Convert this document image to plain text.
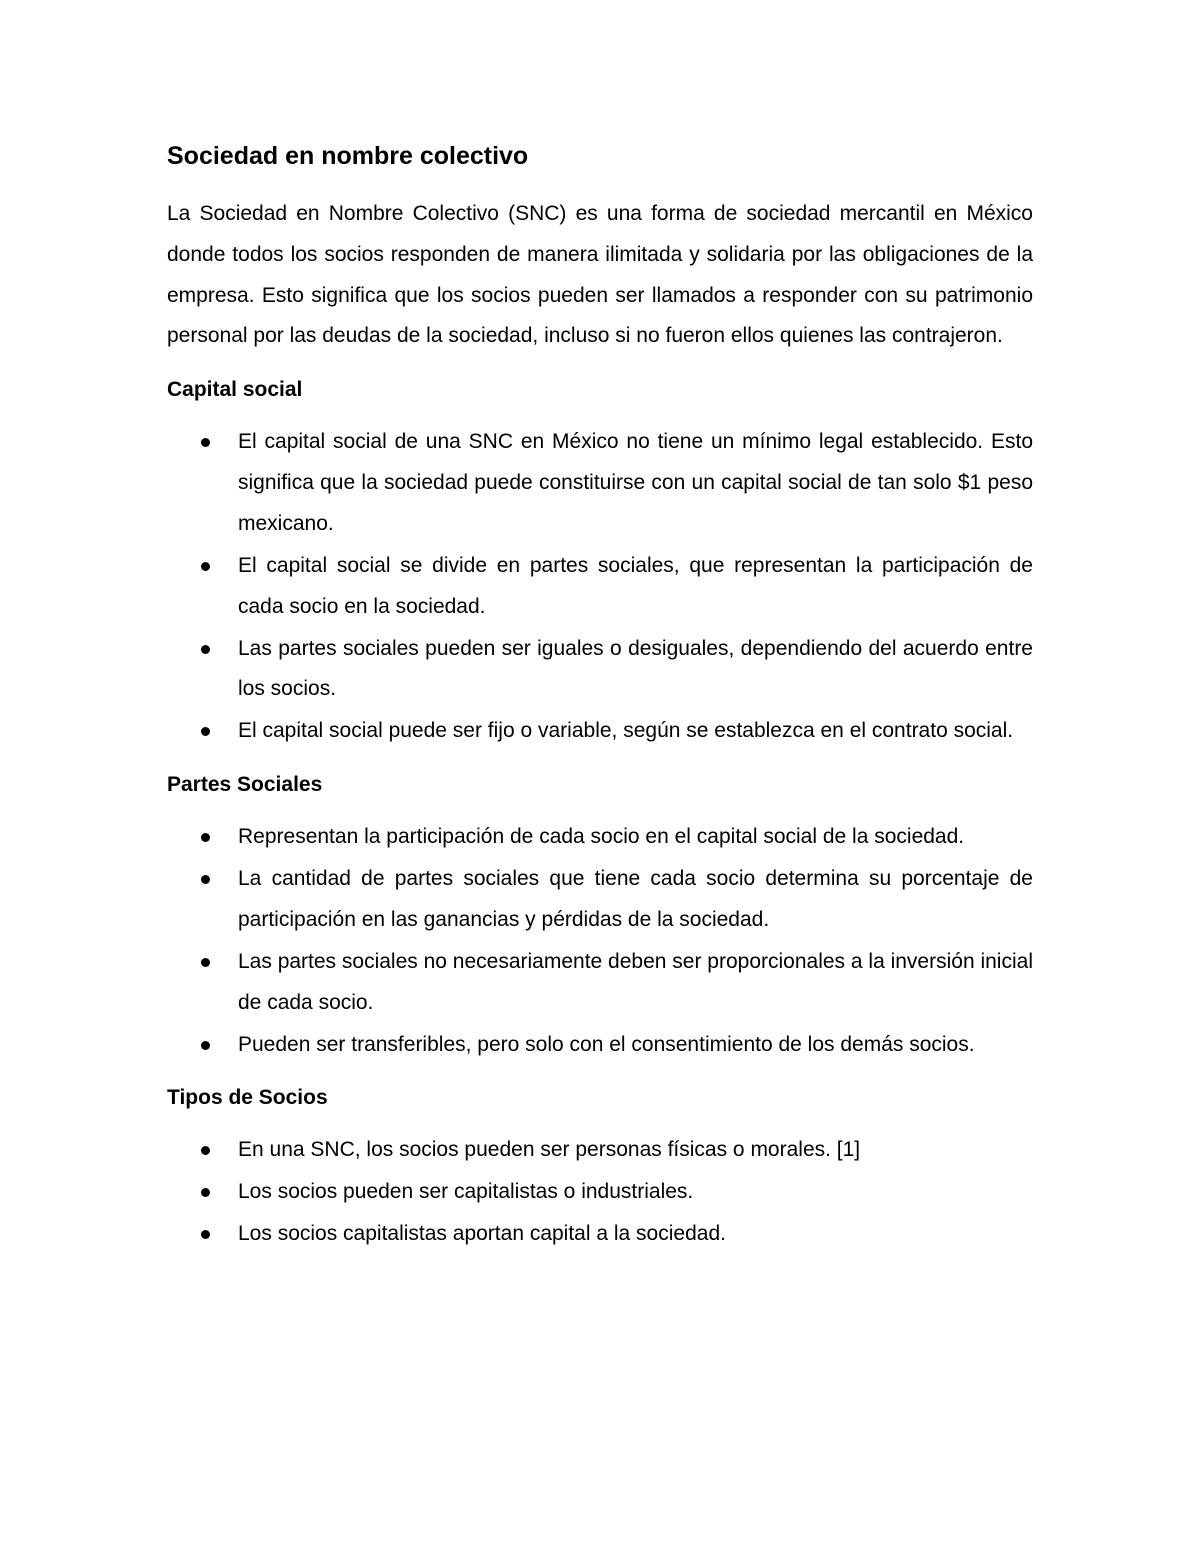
Sociedad en nombre colectivo

La Sociedad en Nombre Colectivo (SNC) es una forma de sociedad mercantil en México donde todos los socios responden de manera ilimitada y solidaria por las obligaciones de la empresa. Esto significa que los socios pueden ser llamados a responder con su patrimonio personal por las deudas de la sociedad, incluso si no fueron ellos quienes las contrajeron.

Capital social
El capital social de una SNC en México no tiene un mínimo legal establecido. Esto significa que la sociedad puede constituirse con un capital social de tan solo $1 peso mexicano.
El capital social se divide en partes sociales, que representan la participación de cada socio en la sociedad.
Las partes sociales pueden ser iguales o desiguales, dependiendo del acuerdo entre los socios.
El capital social puede ser fijo o variable, según se establezca en el contrato social.
Partes Sociales
Representan la participación de cada socio en el capital social de la sociedad.
La cantidad de partes sociales que tiene cada socio determina su porcentaje de participación en las ganancias y pérdidas de la sociedad.
Las partes sociales no necesariamente deben ser proporcionales a la inversión inicial de cada socio.
Pueden ser transferibles, pero solo con el consentimiento de los demás socios.
Tipos de Socios
En una SNC, los socios pueden ser personas físicas o morales. [1]
Los socios pueden ser capitalistas o industriales.
Los socios capitalistas aportan capital a la sociedad.
